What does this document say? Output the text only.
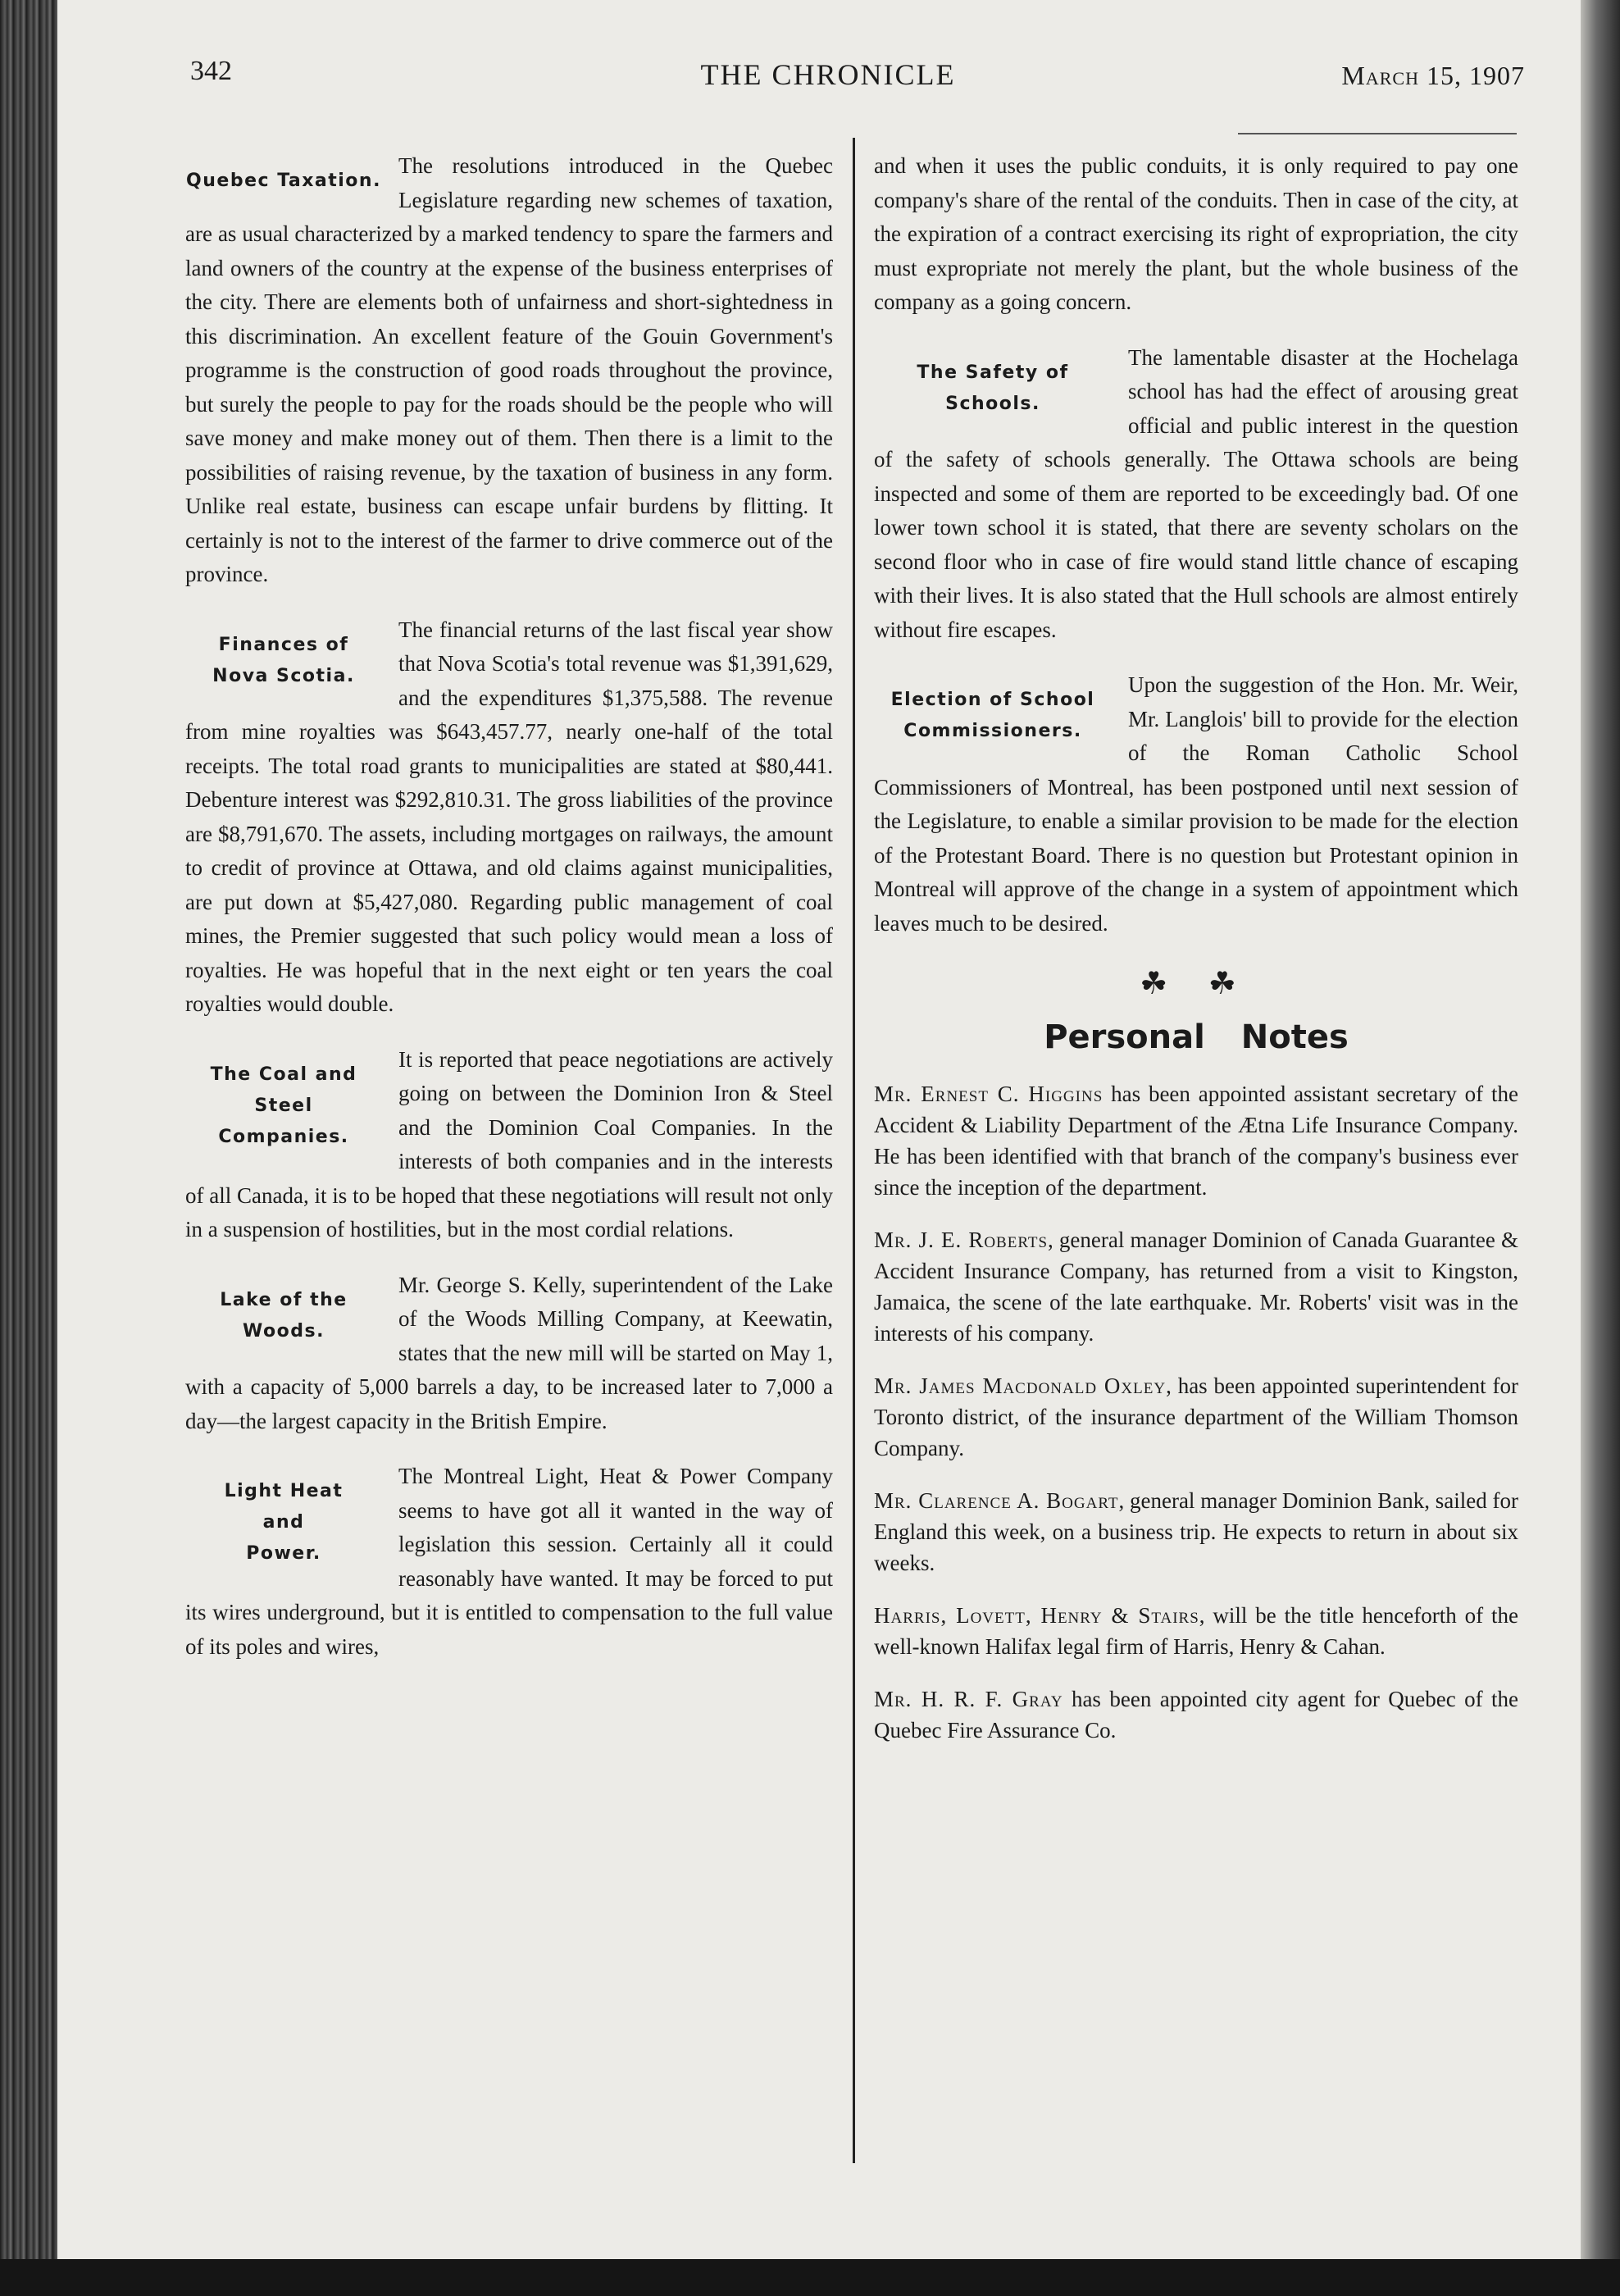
342	THE CHRONICLE	March 15, 1907
Quebec Taxation.

The resolutions introduced in the Quebec Legislature regarding new schemes of taxation, are as usual characterized by a marked tendency to spare the farmers and land owners of the country at the expense of the business enterprises of the city. There are elements both of unfairness and short-sightedness in this discrimination. An excellent feature of the Gouin Government's programme is the construction of good roads throughout the province, but surely the people to pay for the roads should be the people who will save money and make money out of them. Then there is a limit to the possibilities of raising revenue, by the taxation of business in any form. Unlike real estate, business can escape unfair burdens by flitting. It certainly is not to the interest of the farmer to drive commerce out of the province.

Finances of
Nova Scotia.

The financial returns of the last fiscal year show that Nova Scotia's total revenue was $1,391,629, and the expenditures $1,375,588. The revenue from mine royalties was $643,457.77, nearly one-half of the total receipts. The total road grants to municipalities are stated at $80,441. Debenture interest was $292,810.31. The gross liabilities of the province are $8,791,670. The assets, including mortgages on railways, the amount to credit of province at Ottawa, and old claims against municipalities, are put down at $5,427,080. Regarding public management of coal mines, the Premier suggested that such policy would mean a loss of royalties. He was hopeful that in the next eight or ten years the coal royalties would double.

The Coal and Steel
Companies.

It is reported that peace negotiations are actively going on between the Dominion Iron & Steel and the Dominion Coal Companies. In the interests of both companies and in the interests of all Canada, it is to be hoped that these negotiations will result not only in a suspension of hostilities, but in the most cordial relations.

Lake of the
Woods.

Mr. George S. Kelly, superintendent of the Lake of the Woods Milling Company, at Keewatin, states that the new mill will be started on May 1, with a capacity of 5,000 barrels a day, to be increased later to 7,000 a day—the largest capacity in the British Empire.

Light Heat
and
Power.

The Montreal Light, Heat & Power Company seems to have got all it wanted in the way of legislation this session. Certainly all it could reasonably have wanted. It may be forced to put its wires underground, but it is entitled to compensation to the full value of its poles and wires,

and when it uses the public conduits, it is only required to pay one company's share of the rental of the conduits. Then in case of the city, at the expiration of a contract exercising its right of expropriation, the city must expropriate not merely the plant, but the whole business of the company as a going concern.

The Safety of
Schools.

The lamentable disaster at the Hochelaga school has had the effect of arousing great official and public interest in the question of the safety of schools generally. The Ottawa schools are being inspected and some of them are reported to be exceedingly bad. Of one lower town school it is stated, that there are seventy scholars on the second floor who in case of fire would stand little chance of escaping with their lives. It is also stated that the Hull schools are almost entirely without fire escapes.

Election of School
Commissioners.

Upon the suggestion of the Hon. Mr. Weir, Mr. Langlois' bill to provide for the election of the Roman Catholic School Commissioners of Montreal, has been postponed until next session of the Legislature, to enable a similar provision to be made for the election of the Protestant Board. There is no question but Protestant opinion in Montreal will approve of the change in a system of appointment which leaves much to be desired.

☘ ☘
Personal Notes

Mr. Ernest C. Higgins has been appointed assistant secretary of the Accident & Liability Department of the Ætna Life Insurance Company. He has been identified with that branch of the company's business ever since the inception of the department.

Mr. J. E. Roberts, general manager Dominion of Canada Guarantee & Accident Insurance Company, has returned from a visit to Kingston, Jamaica, the scene of the late earthquake. Mr. Roberts' visit was in the interests of his company.

Mr. James Macdonald Oxley, has been appointed superintendent for Toronto district, of the insurance department of the William Thomson Company.

Mr. Clarence A. Bogart, general manager Dominion Bank, sailed for England this week, on a business trip. He expects to return in about six weeks.

Harris, Lovett, Henry & Stairs, will be the title henceforth of the well-known Halifax legal firm of Harris, Henry & Cahan.

Mr. H. R. F. Gray has been appointed city agent for Quebec of the Quebec Fire Assurance Co.
